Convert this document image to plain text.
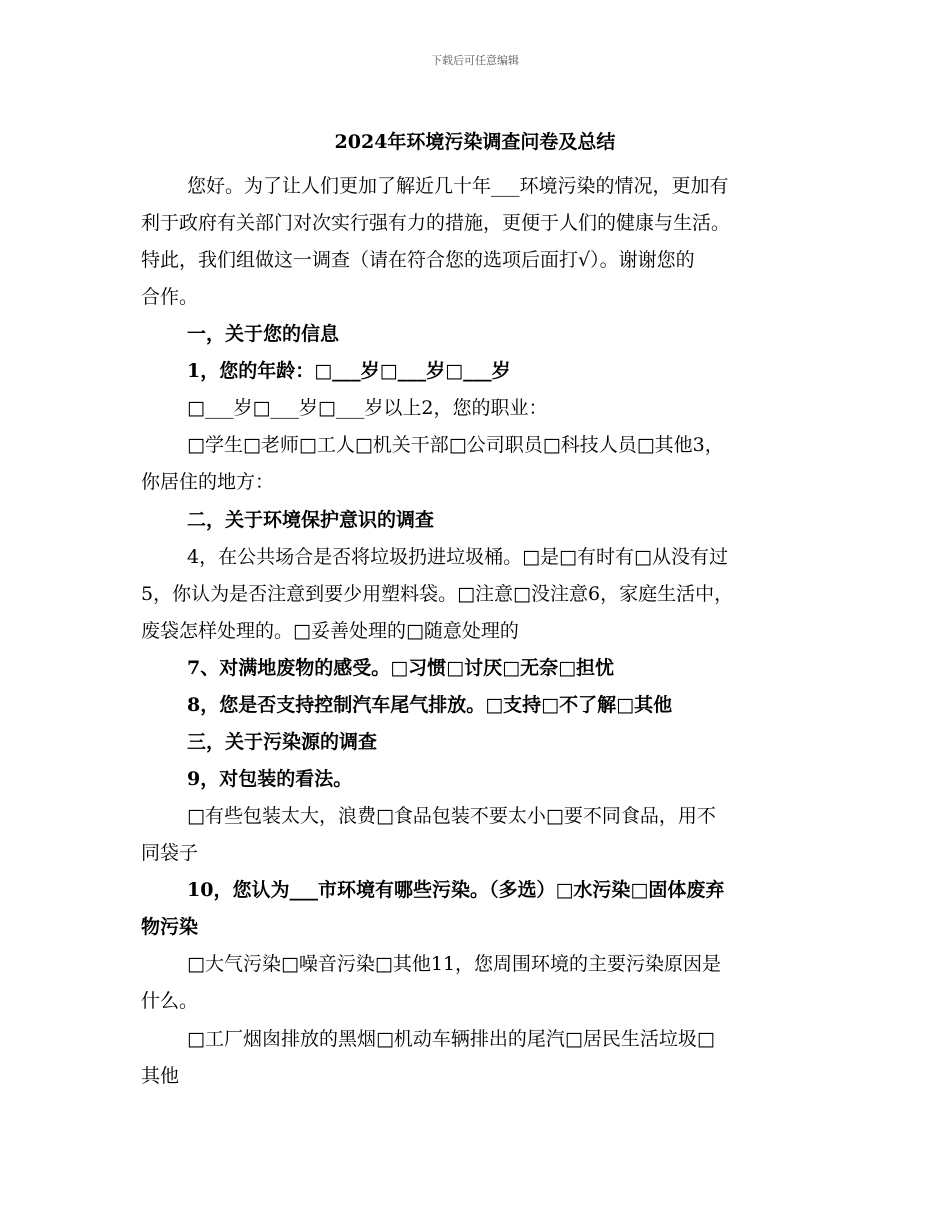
下载后可任意编辑
2024年环境污染调查问卷及总结
您好。为了让人们更加了解近几十年___环境污染的情况，更加有
利于政府有关部门对次实行强有力的措施，更便于人们的健康与生活。
特此，我们组做这一调查（请在符合您的选项后面打√）。谢谢您的
合作。
一，关于您的信息
1，您的年龄：□___岁□___岁□___岁
□___岁□___岁□___岁以上2，您的职业：
□学生□老师□工人□机关干部□公司职员□科技人员□其他3，
你居住的地方：
二，关于环境保护意识的调查
4，在公共场合是否将垃圾扔进垃圾桶。□是□有时有□从没有过
5，你认为是否注意到要少用塑料袋。□注意□没注意6，家庭生活中，
废袋怎样处理的。□妥善处理的□随意处理的
7、对满地废物的感受。□习惯□讨厌□无奈□担忧
8，您是否支持控制汽车尾气排放。□支持□不了解□其他
三，关于污染源的调查
9，对包装的看法。
□有些包装太大，浪费□食品包装不要太小□要不同食品，用不
同袋子
10，您认为___市环境有哪些污染。（多选）□水污染□固体废弃
物污染
□大气污染□噪音污染□其他11，您周围环境的主要污染原因是
什么。
□工厂烟囱排放的黑烟□机动车辆排出的尾汽□居民生活垃圾□
其他
